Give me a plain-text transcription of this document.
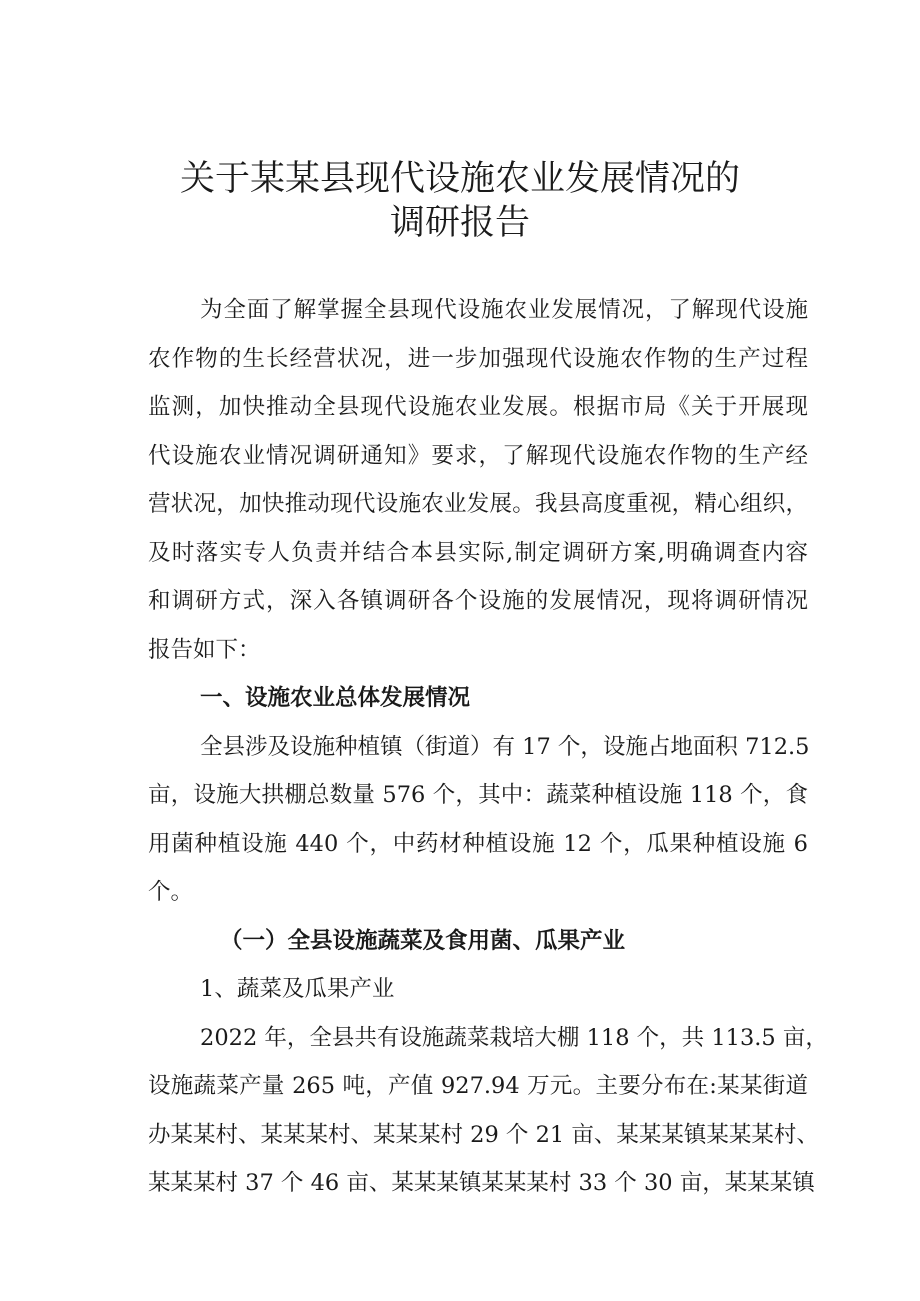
关于某某县现代设施农业发展情况的
调研报告

为全面了解掌握全县现代设施农业发展情况，了解现代设施

农作物的生长经营状况，进一步加强现代设施农作物的生产过程

监测，加快推动全县现代设施农业发展。根据市局《关于开展现

代设施农业情况调研通知》要求，了解现代设施农作物的生产经

营状况，加快推动现代设施农业发展。我县高度重视，精心组织，

及时落实专人负责并结合本县实际,制定调研方案,明确调查内容

和调研方式，深入各镇调研各个设施的发展情况，现将调研情况

报告如下：

一、设施农业总体发展情况

全县涉及设施种植镇（街道）有 17 个，设施占地面积 712.5

亩，设施大拱棚总数量 576 个，其中：蔬菜种植设施 118 个，食

用菌种植设施 440 个，中药材种植设施 12 个，瓜果种植设施 6

个。

（一）全县设施蔬菜及食用菌、瓜果产业

1、蔬菜及瓜果产业

2022 年，全县共有设施蔬菜栽培大棚 118 个，共 113.5 亩，

设施蔬菜产量 265 吨，产值 927.94 万元。主要分布在:某某街道

办某某村、某某某村、某某某村 29 个 21 亩、某某某镇某某某村、

某某某村 37 个 46 亩、某某某镇某某某村 33 个 30 亩，某某某镇
